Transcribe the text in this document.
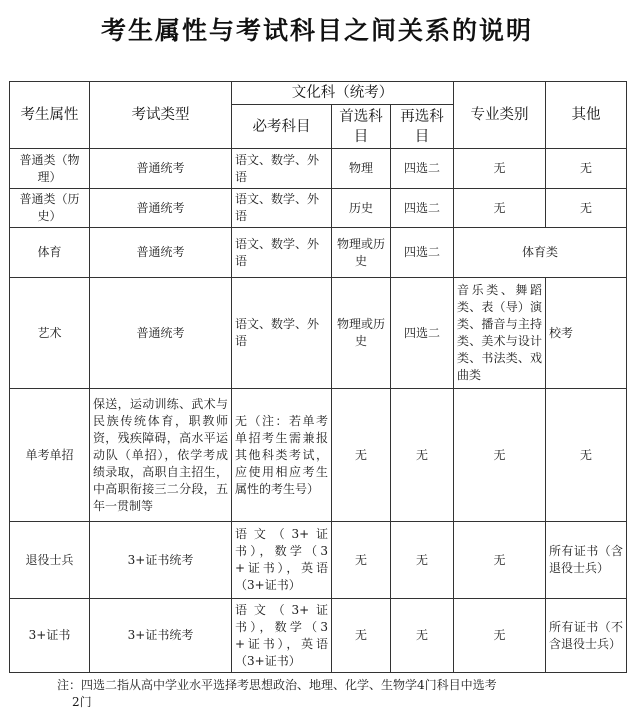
考生属性与考试科目之间关系的说明
考生属性	考试类型	文化科（统考）			专业类别	其他
		必考科目	首选科目	再选科目		
普通类（物理）	普通统考	语文、数学、外语	物理	四选二	无	无
普通类（历史）	普通统考	语文、数学、外语	历史	四选二	无	无
体育	普通统考	语文、数学、外语	物理或历史	四选二	体育类	
艺术	普通统考	语文、数学、外语	物理或历史	四选二	音乐类、舞蹈类、表（导）演类、播音与主持类、美术与设计类、书法类、戏曲类	校考
单考单招	保送，运动训练、武术与民族传统体育，职教师资，残疾障碍，高水平运动队（单招），依学考成绩录取，高职自主招生，中高职衔接三二分段，五年一贯制等	无（注：若单考单招考生需兼报其他科类考试，应使用相应考生属性的考生号）	无	无	无	无
退役士兵	3+证书统考	语文（3+证书），数学（3+证书），英语（3+证书）	无	无	无	所有证书（含退役士兵）
3+证书	3+证书统考	语文（3+证书），数学（3+证书），英语（3+证书）	无	无	无	所有证书（不含退役士兵）
注：四选二指从高中学业水平选择考思想政治、地理、化学、生物学4门科目中选考
2门
